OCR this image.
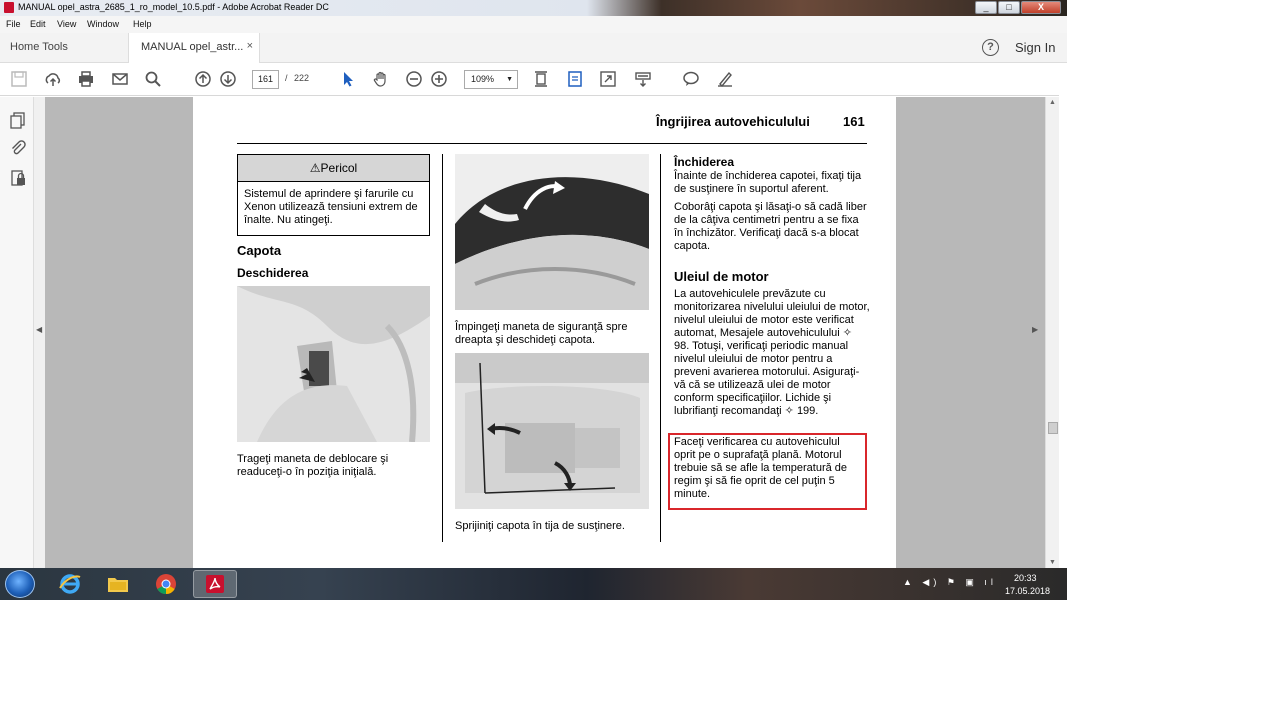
MANUAL opel_astra_2685_1_ro_model_10.5.pdf - Adobe Acrobat Reader DC	_	□	X
File Edit View Window Help
Home Tools	MANUAL opel_astr... ×	?	Sign In
161	/ 222	109% ▼
◀	▶
▲
▼
Îngrijirea autovehiculului	161
⚠Pericol
Sistemul de aprindere şi farurile cu Xenon utilizează tensiuni extrem de înalte. Nu atingeţi.
Capota
Deschiderea
Trageţi maneta de deblocare şi readuceţi-o în poziţia iniţială.
Împingeţi maneta de siguranţă spre dreapta şi deschideţi capota.
Sprijiniţi capota în tija de susţinere.
Închiderea
Înainte de închiderea capotei, fixaţi tija de susţinere în suportul aferent.
Coborâţi capota şi lăsaţi-o să cadă liber de la câţiva centimetri pentru a se fixa în închizător. Verificaţi dacă s-a blocat capota.
Uleiul de motor
La autovehiculele prevăzute cu monitorizarea nivelului uleiului de motor, nivelul uleiului de motor este verificat automat, Mesajele autovehiculului ✧ 98. Totuşi, verificaţi periodic manual nivelul uleiului de motor pentru a preveni avarierea motorului. Asiguraţi-vă că se utilizează ulei de motor conform specificaţiilor. Lichide şi lubrifianţi recomandaţi ✧ 199.
Faceţi verificarea cu autovehiculul oprit pe o suprafaţă plană. Motorul trebuie să se afle la temperatură de regim şi să fie oprit de cel puţin 5 minute.
▲ ◀) ⚑ ▣ ıl 20:33
17.05.2018
